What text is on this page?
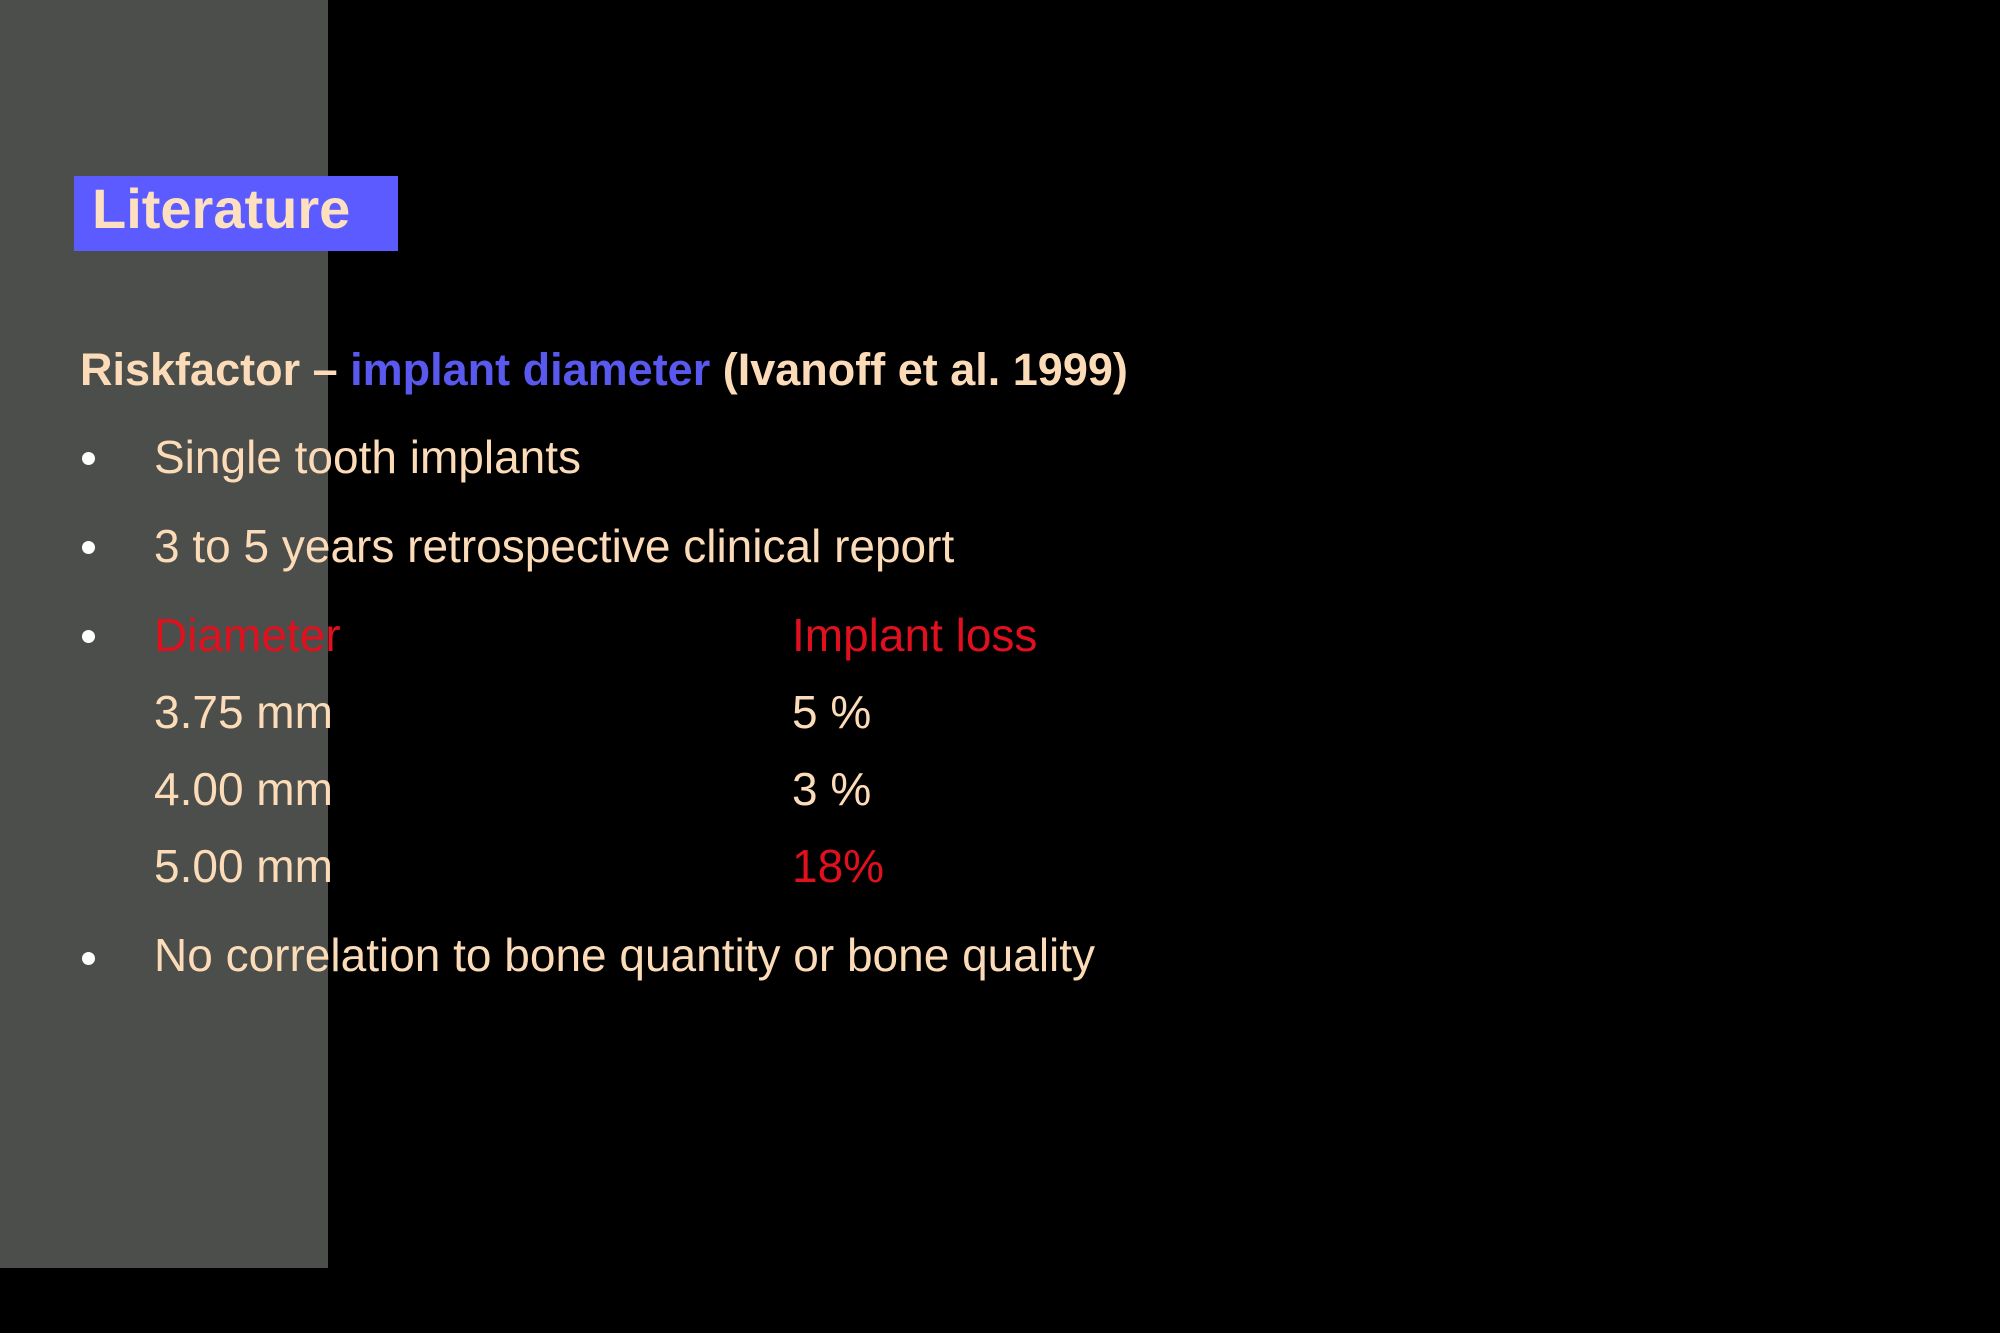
Literature
Riskfactor – implant diameter (Ivanoff et al. 1999)
Single tooth implants
3 to 5 years retrospective clinical report
Diameter	Implant loss
3.75 mm	5 %
4.00 mm	3 %
5.00 mm	18%
No correlation to bone quantity or bone quality
